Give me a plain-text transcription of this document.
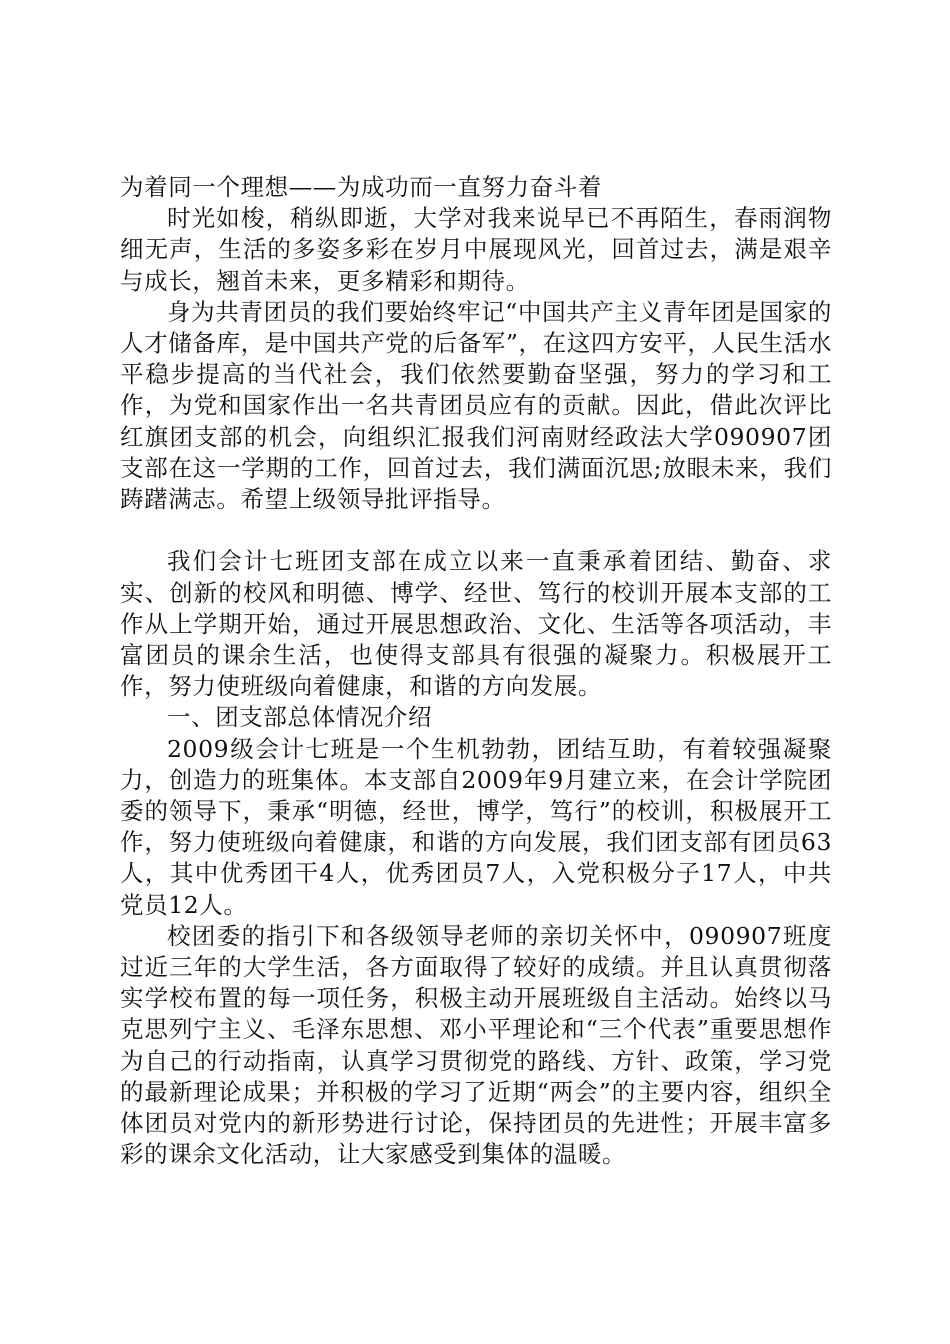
为着同一个理想——为成功而一直努力奋斗着

时光如梭，稍纵即逝，大学对我来说早已不再陌生，春雨润物细无声，生活的多姿多彩在岁月中展现风光，回首过去，满是艰辛与成长，翘首未来，更多精彩和期待。

身为共青团员的我们要始终牢记“中国共产主义青年团是国家的人才储备库，是中国共产党的后备军”，在这四方安平，人民生活水平稳步提高的当代社会，我们依然要勤奋坚强，努力的学习和工作，为党和国家作出一名共青团员应有的贡献。因此，借此次评比红旗团支部的机会，向组织汇报我们河南财经政法大学090907团支部在这一学期的工作，回首过去，我们满面沉思;放眼未来，我们踌躇满志。希望上级领导批评指导。

我们会计七班团支部在成立以来一直秉承着团结、勤奋、求实、创新的校风和明德、博学、经世、笃行的校训开展本支部的工作从上学期开始，通过开展思想政治、文化、生活等各项活动，丰富团员的课余生活，也使得支部具有很强的凝聚力。积极展开工作，努力使班级向着健康，和谐的方向发展。

一、团支部总体情况介绍

2009级会计七班是一个生机勃勃，团结互助，有着较强凝聚力，创造力的班集体。本支部自2009年9月建立来，在会计学院团委的领导下，秉承“明德，经世，博学，笃行”的校训，积极展开工作，努力使班级向着健康，和谐的方向发展，我们团支部有团员63人，其中优秀团干4人，优秀团员7人，入党积极分子17人，中共党员12人。

校团委的指引下和各级领导老师的亲切关怀中，090907班度过近三年的大学生活，各方面取得了较好的成绩。并且认真贯彻落实学校布置的每一项任务，积极主动开展班级自主活动。始终以马克思列宁主义、毛泽东思想、邓小平理论和“三个代表”重要思想作为自己的行动指南，认真学习贯彻党的路线、方针、政策，学习党的最新理论成果；并积极的学习了近期“两会”的主要内容，组织全体团员对党内的新形势进行讨论，保持团员的先进性；开展丰富多彩的课余文化活动，让大家感受到集体的温暖。
